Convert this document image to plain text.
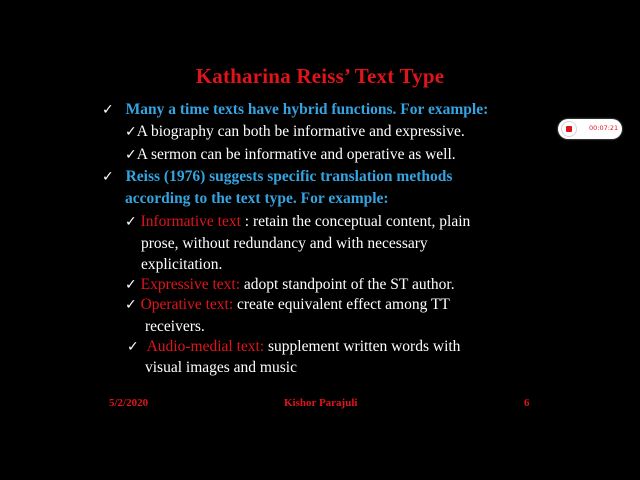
Katharina Reiss’ Text Type
✓ Many a time texts have hybrid functions. For example:
✓A biography can both be informative and expressive.
✓A sermon can be informative and operative as well.
✓ Reiss (1976) suggests specific translation methods
according to the text type. For example:
✓ Informative text : retain the conceptual content, plain
prose, without redundancy and with necessary
explicitation.
✓ Expressive text: adopt standpoint of the ST author.
✓ Operative text: create equivalent effect among TT
receivers.
✓ Audio-medial text: supplement written words with
visual images and music
5/2/2020	Kishor Parajuli	6
00:07:21
